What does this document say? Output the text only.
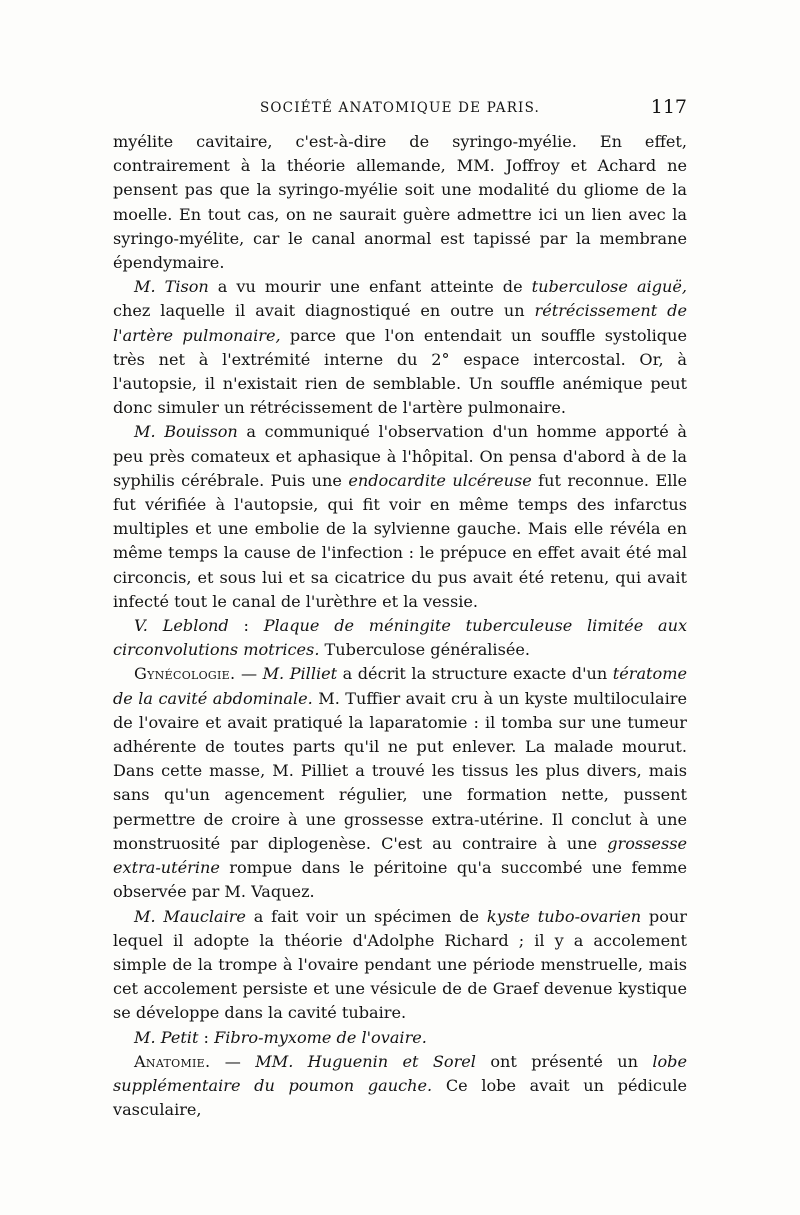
SOCIÉTÉ ANATOMIQUE DE PARIS.	117

myélite cavitaire, c'est-à-dire de syringo-myélie. En effet, contrairement à la théorie allemande, MM. Joffroy et Achard ne pensent pas que la syringo-myélie soit une modalité du gliome de la moelle. En tout cas, on ne saurait guère admettre ici un lien avec la syringo-myélite, car le canal anormal est tapissé par la membrane épendymaire.

M. Tison a vu mourir une enfant atteinte de tuberculose aiguë, chez laquelle il avait diagnostiqué en outre un rétrécissement de l'artère pulmonaire, parce que l'on entendait un souffle systolique très net à l'extrémité interne du 2° espace intercostal. Or, à l'autopsie, il n'existait rien de semblable. Un souffle anémique peut donc simuler un rétrécissement de l'artère pulmonaire.

M. Bouisson a communiqué l'observation d'un homme apporté à peu près comateux et aphasique à l'hôpital. On pensa d'abord à de la syphilis cérébrale. Puis une endocardite ulcéreuse fut reconnue. Elle fut vérifiée à l'autopsie, qui fit voir en même temps des infarctus multiples et une embolie de la sylvienne gauche. Mais elle révéla en même temps la cause de l'infection : le prépuce en effet avait été mal circoncis, et sous lui et sa cicatrice du pus avait été retenu, qui avait infecté tout le canal de l'urèthre et la vessie.

V. Leblond : Plaque de méningite tuberculeuse limitée aux circonvolutions motrices. Tuberculose généralisée.

Gynécologie. — M. Pilliet a décrit la structure exacte d'un tératome de la cavité abdominale. M. Tuffier avait cru à un kyste multiloculaire de l'ovaire et avait pratiqué la laparatomie : il tomba sur une tumeur adhérente de toutes parts qu'il ne put enlever. La malade mourut. Dans cette masse, M. Pilliet a trouvé les tissus les plus divers, mais sans qu'un agencement régulier, une formation nette, pussent permettre de croire à une grossesse extra-utérine. Il conclut à une monstruosité par diplogenèse. C'est au contraire à une grossesse extra-utérine rompue dans le péritoine qu'a succombé une femme observée par M. Vaquez.

M. Mauclaire a fait voir un spécimen de kyste tubo-ovarien pour lequel il adopte la théorie d'Adolphe Richard ; il y a accolement simple de la trompe à l'ovaire pendant une période menstruelle, mais cet accolement persiste et une vésicule de de Graef devenue kystique se développe dans la cavité tubaire.

M. Petit : Fibro-myxome de l'ovaire.

Anatomie. — MM. Huguenin et Sorel ont présenté un lobe supplémentaire du poumon gauche. Ce lobe avait un pédicule vasculaire,
